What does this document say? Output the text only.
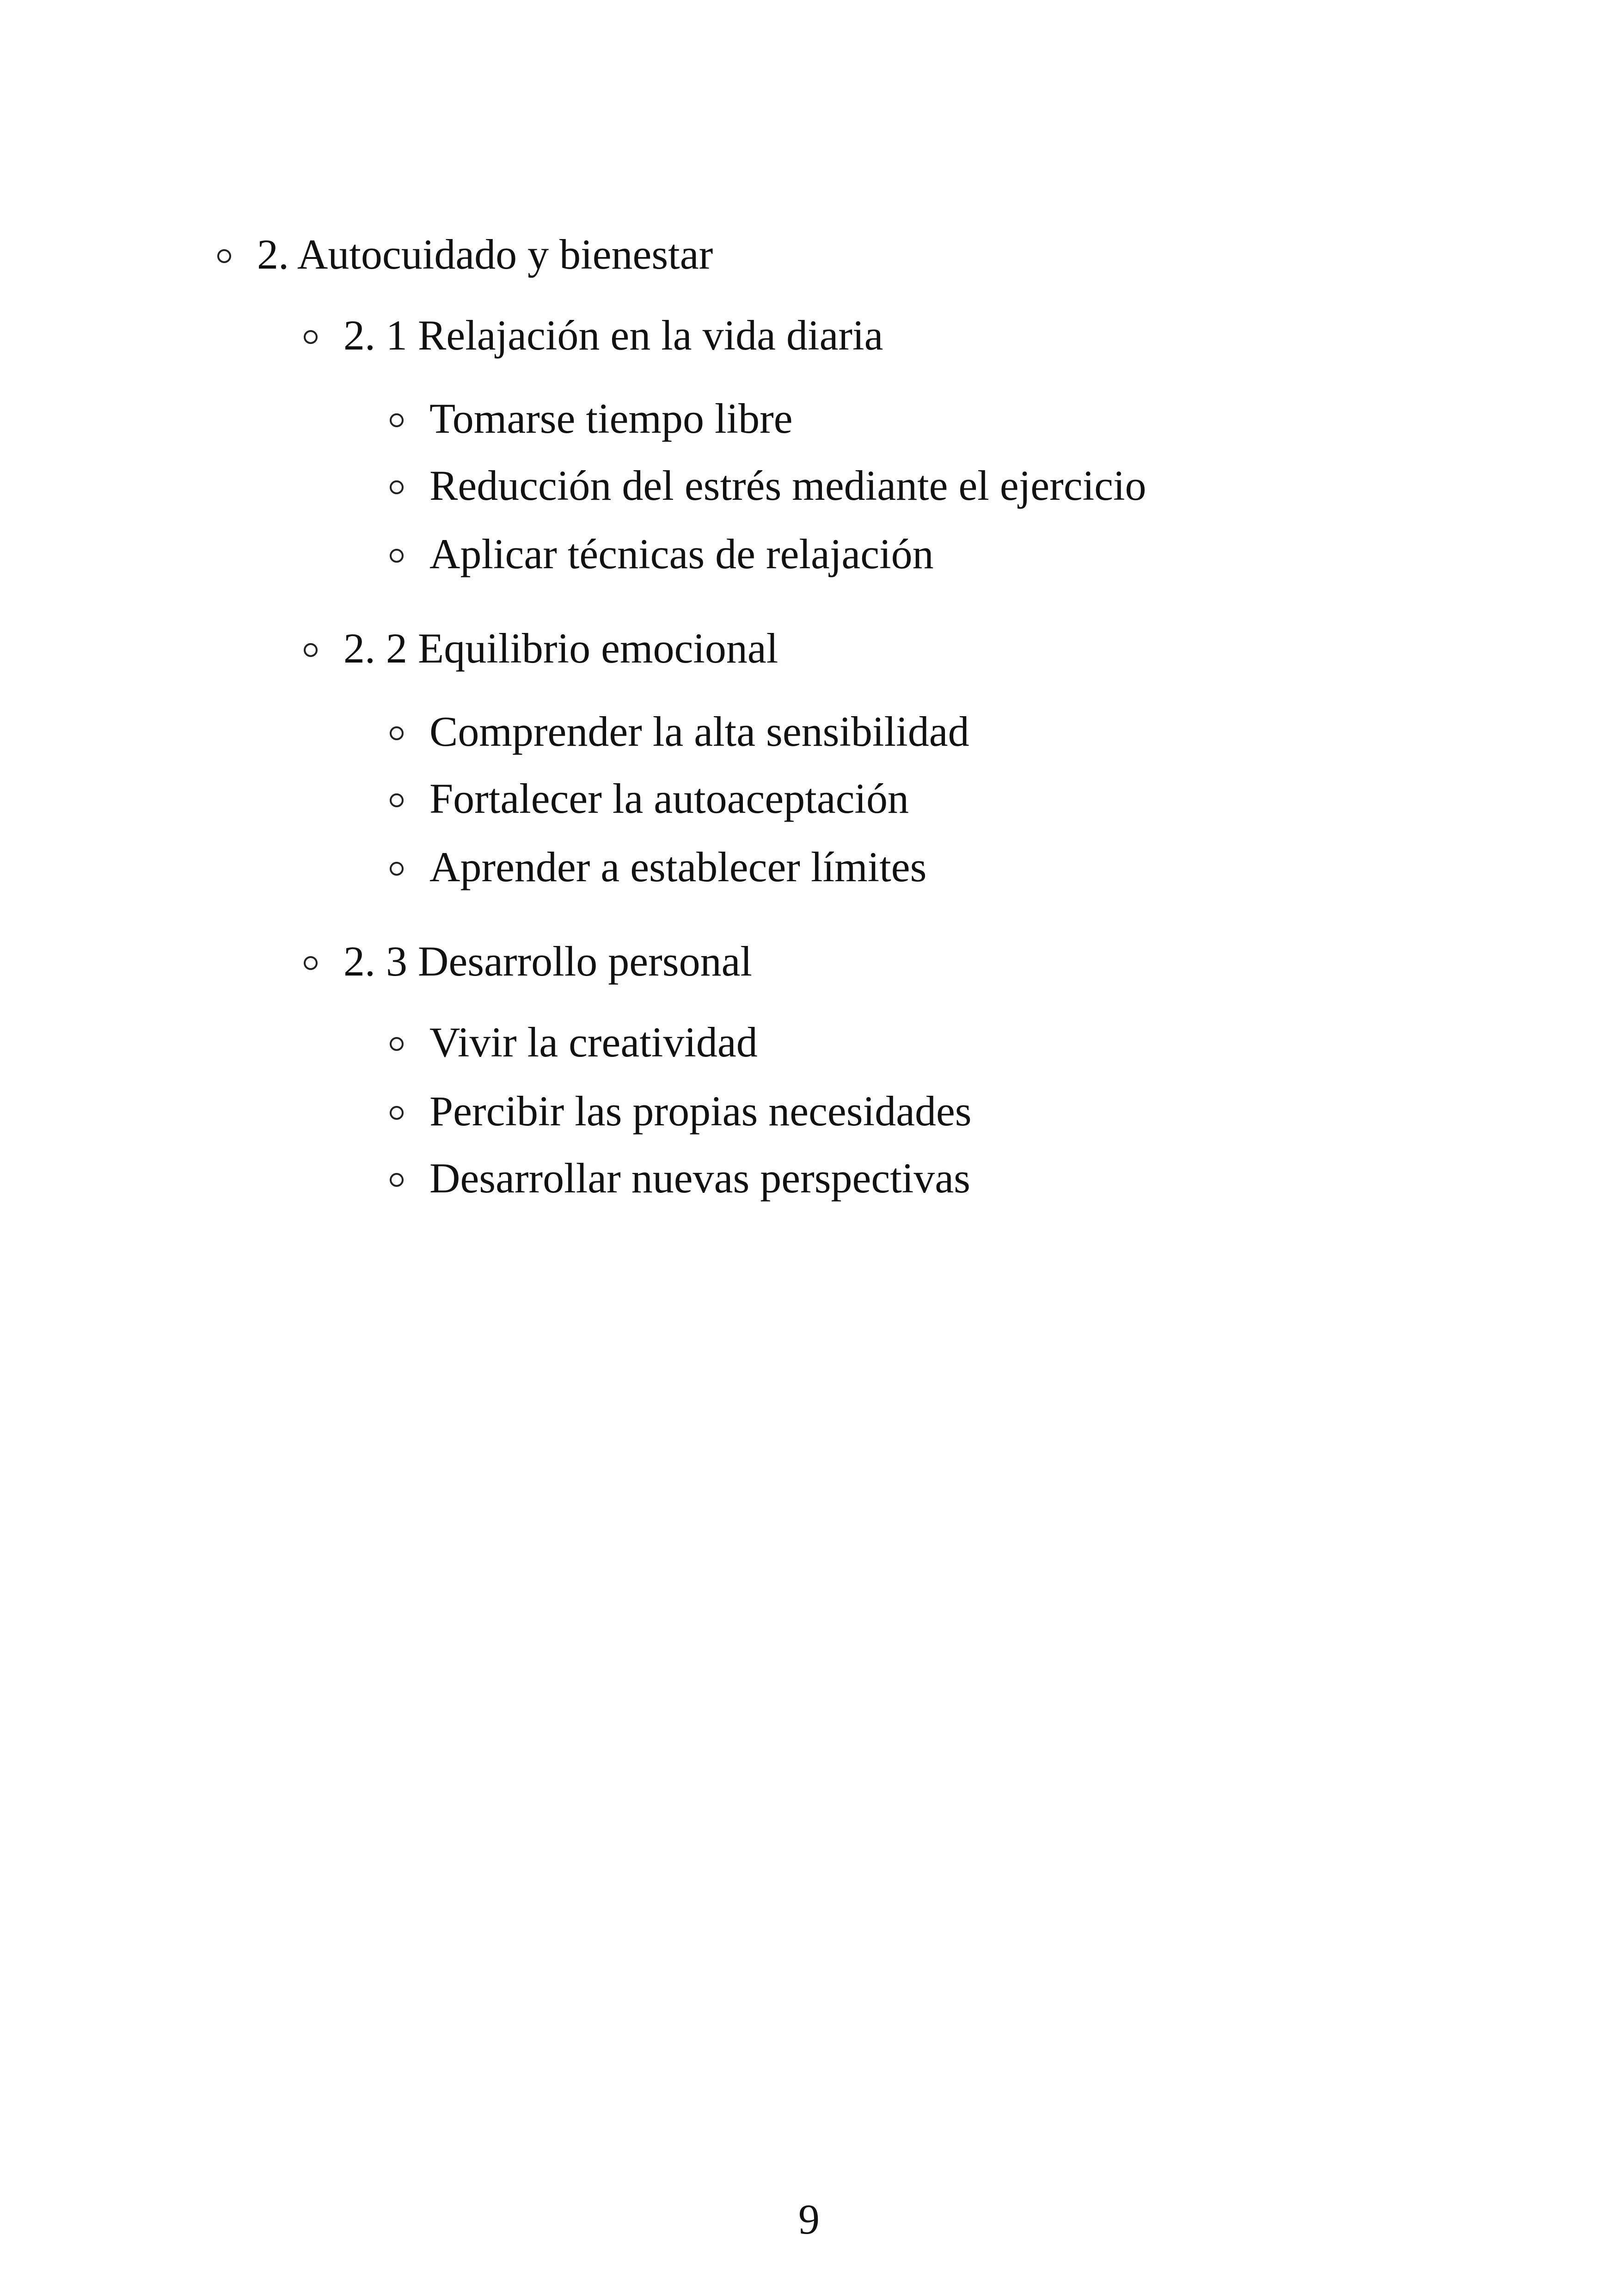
2. Autocuidado y bienestar
2. 1 Relajación en la vida diaria
Tomarse tiempo libre
Reducción del estrés mediante el ejercicio
Aplicar técnicas de relajación
2. 2 Equilibrio emocional
Comprender la alta sensibilidad
Fortalecer la autoaceptación
Aprender a establecer límites
2. 3 Desarrollo personal
Vivir la creatividad
Percibir las propias necesidades
Desarrollar nuevas perspectivas
9
